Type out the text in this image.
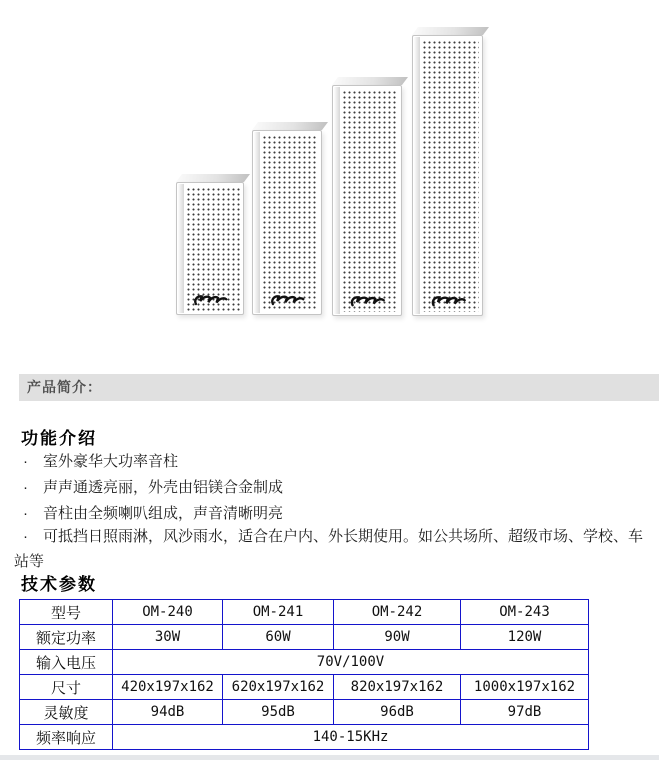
产品简介：
功能介绍

· 室外豪华大功率音柱

· 声声通透亮丽，外壳由铝镁合金制成

· 音柱由全频喇叭组成，声音清晰明亮

· 可抵挡日照雨淋，风沙雨水，适合在户内、外长期使用。如公共场所、超级市场、学校、车站等

技术参数
型号	OM-240	OM-241	OM-242	OM-243
额定功率	30W	60W	90W	120W
输入电压	70V/100V			
尺寸	420x197x162	620x197x162	820x197x162	1000x197x162
灵敏度	94dB	95dB	96dB	97dB
频率响应	140-15KHz			
